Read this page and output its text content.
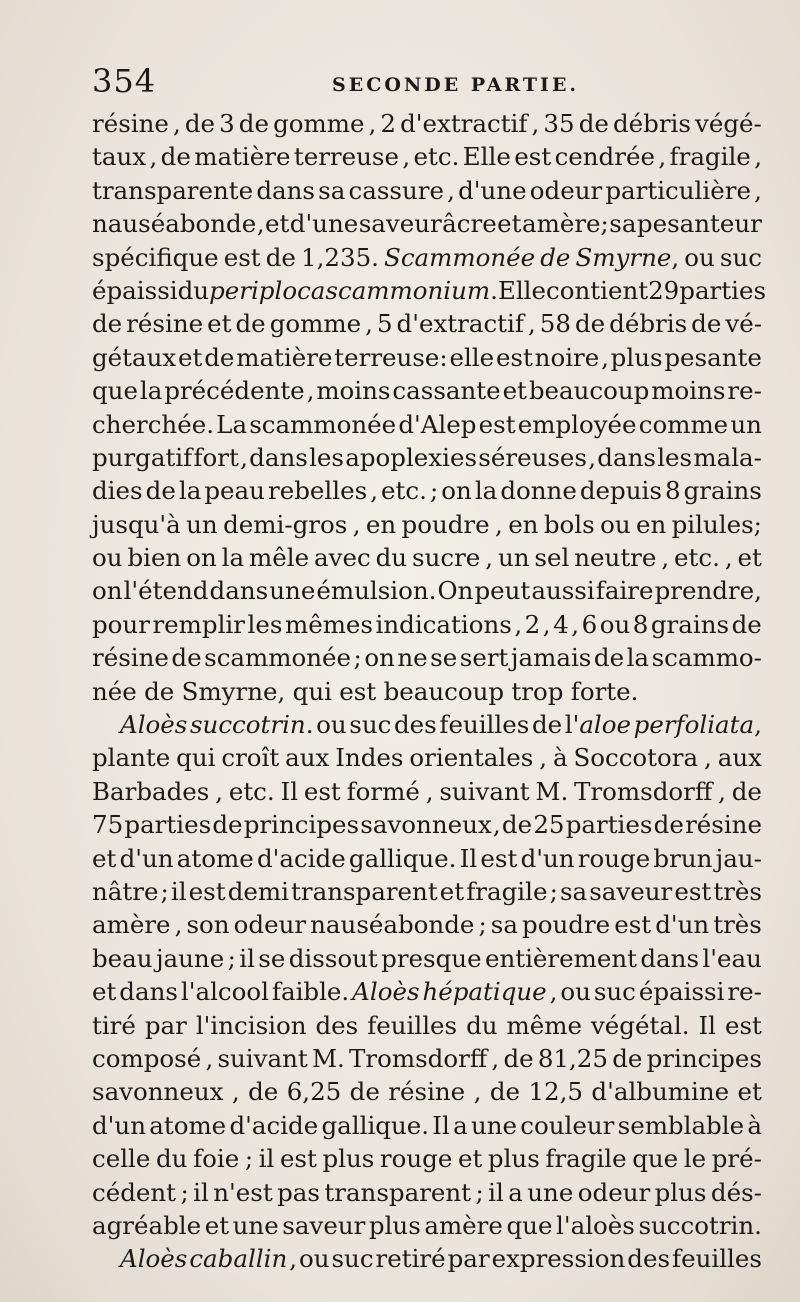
354	SECONDE PARTIE.
résine , de 3 de gomme , 2 d'extractif , 35 de débris végé-
taux , de matière terreuse , etc. Elle est cendrée , fragile ,
transparente dans sa cassure , d'une odeur particulière ,
nauséabonde , et d'une saveur âcre et amère; sa pesanteur
spécifique est de 1,235. Scammonée de Smyrne, ou suc
épaissi du periploca scammonium. Elle contient 29 parties
de résine et de gomme , 5 d'extractif , 58 de débris de vé-
gétaux et de matière terreuse: elle est noire , plus pesante
que la précédente , moins cassante et beaucoup moins re-
cherchée. La scammonée d'Alep est employée comme un
purgatif fort , dans les apoplexies séreuses , dans les mala-
dies de la peau rebelles , etc. ; on la donne depuis 8 grains
jusqu'à un demi-gros , en poudre , en bols ou en pilules;
ou bien on la mêle avec du sucre , un sel neutre , etc. , et
on l'étend dans une émulsion. On peut aussi faire prendre,
pour remplir les mêmes indications , 2 , 4 , 6 ou 8 grains de
résine de scammonée ; on ne se sert jamais de la scammo-
née de Smyrne, qui est beaucoup trop forte.
Aloès succotrin. ou suc des feuilles de l'aloe perfoliata,
plante qui croît aux Indes orientales , à Soccotora , aux
Barbades , etc. Il est formé , suivant M. Tromsdorff , de
75 parties de principes savonneux , de 25 parties de résine
et d'un atome d'acide gallique. Il est d'un rouge brun jau-
nâtre ; il est demi transparent et fragile ; sa saveur est très
amère , son odeur nauséabonde ; sa poudre est d'un très
beau jaune ; il se dissout presque entièrement dans l'eau
et dans l'alcool faible. Aloès hépatique , ou suc épaissi re-
tiré par l'incision des feuilles du même végétal. Il est
composé , suivant M. Tromsdorff , de 81,25 de principes
savonneux , de 6,25 de résine , de 12,5 d'albumine et
d'un atome d'acide gallique. Il a une couleur semblable à
celle du foie ; il est plus rouge et plus fragile que le pré-
cédent ; il n'est pas transparent ; il a une odeur plus dés-
agréable et une saveur plus amère que l'aloès succotrin.
Aloès caballin , ou suc retiré par expression des feuilles
